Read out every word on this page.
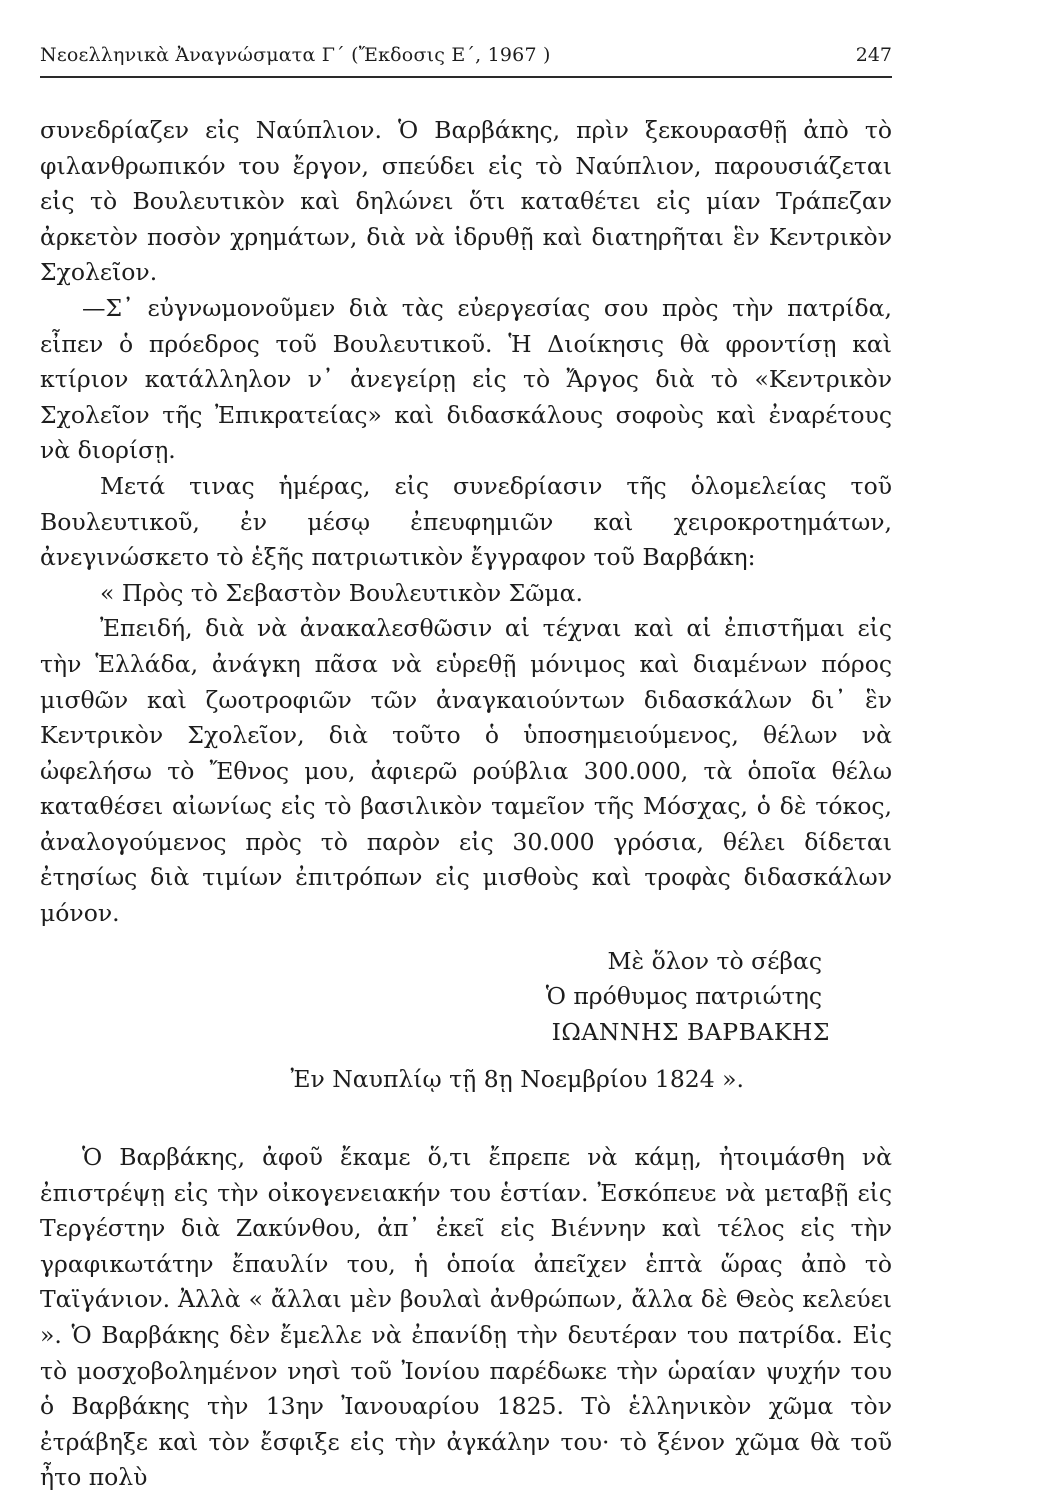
Νεοελληνικὰ Ἀναγνώσματα Γ΄ (Ἔκδοσις Ε΄, 1967 )	247

συνεδρίαζεν εἰς Ναύπλιον. Ὁ Βαρβάκης, πρὶν ξεκουρασθῇ ἀπὸ τὸ φιλανθρωπικόν του ἔργον, σπεύδει εἰς τὸ Ναύπλιον, παρουσιάζεται εἰς τὸ Βουλευτικὸν καὶ δηλώνει ὅτι καταθέτει εἰς μίαν Τράπεζαν ἀρκετὸν ποσὸν χρημάτων, διὰ νὰ ἱδρυθῇ καὶ διατηρῆται ἓν Κεντρικὸν Σχολεῖον.

—Σ᾿ εὐγνωμονοῦμεν διὰ τὰς εὐεργεσίας σου πρὸς τὴν πατρίδα, εἶπεν ὁ πρόεδρος τοῦ Βουλευτικοῦ. Ἡ Διοίκησις θὰ φροντίσῃ καὶ κτίριον κατάλληλον ν᾿ ἀνεγείρῃ εἰς τὸ Ἄργος διὰ τὸ «Κεντρικὸν Σχολεῖον τῆς Ἐπικρατείας» καὶ διδασκάλους σοφοὺς καὶ ἐναρέτους νὰ διορίσῃ.

Μετά τινας ἡμέρας, εἰς συνεδρίασιν τῆς ὁλομελείας τοῦ Βουλευτικοῦ, ἐν μέσῳ ἐπευφημιῶν καὶ χειροκροτημάτων, ἀνεγινώσκετο τὸ ἑξῆς πατριωτικὸν ἔγγραφον τοῦ Βαρβάκη:

« Πρὸς τὸ Σεβαστὸν Βουλευτικὸν Σῶμα.

Ἐπειδή, διὰ νὰ ἀνακαλεσθῶσιν αἱ τέχναι καὶ αἱ ἐπιστῆμαι εἰς τὴν Ἑλλάδα, ἀνάγκη πᾶσα νὰ εὑρεθῇ μόνιμος καὶ διαμένων πόρος μισθῶν καὶ ζωοτροφιῶν τῶν ἀναγκαιούντων διδασκάλων δι᾿ ἓν Κεντρικὸν Σχολεῖον, διὰ τοῦτο ὁ ὑποσημειούμενος, θέλων νὰ ὠφελήσω τὸ Ἔθνος μου, ἀφιερῶ ρούβλια 300.000, τὰ ὁποῖα θέλω καταθέσει αἰωνίως εἰς τὸ βασιλικὸν ταμεῖον τῆς Μόσχας, ὁ δὲ τόκος, ἀναλογούμενος πρὸς τὸ παρὸν εἰς 30.000 γρόσια, θέλει δίδεται ἐτησίως διὰ τιμίων ἐπιτρόπων εἰς μισθοὺς καὶ τροφὰς διδασκάλων μόνον.

Μὲ ὅλον τὸ σέβας

Ὁ πρόθυμος πατριώτης

ΙΩΑΝΝΗΣ ΒΑΡΒΑΚΗΣ

Ἐν Ναυπλίῳ τῇ 8ῃ Νοεμβρίου 1824 ».

Ὁ Βαρβάκης, ἀφοῦ ἔκαμε ὅ,τι ἔπρεπε νὰ κάμῃ, ἠτοιμάσθη νὰ ἐπιστρέψῃ εἰς τὴν οἰκογενειακήν του ἑστίαν. Ἐσκόπευε νὰ μεταβῇ εἰς Τεργέστην διὰ Ζακύνθου, ἀπ᾿ ἐκεῖ εἰς Βιέννην καὶ τέλος εἰς τὴν γραφικωτάτην ἔπαυλίν του, ἡ ὁποία ἀπεῖχεν ἑπτὰ ὥρας ἀπὸ τὸ Ταϊγάνιον. Ἀλλὰ « ἄλλαι μὲν βουλαὶ ἀνθρώπων, ἄλλα δὲ Θεὸς κελεύει ». Ὁ Βαρβάκης δὲν ἔμελλε νὰ ἐπανίδῃ τὴν δευτέραν του πατρίδα. Εἰς τὸ μοσχοβολημένον νησὶ τοῦ Ἰονίου παρέδωκε τὴν ὡραίαν ψυχήν του ὁ Βαρβάκης τὴν 13ην Ἰανουαρίου 1825. Τὸ ἑλληνικὸν χῶμα τὸν ἐτράβηξε καὶ τὸν ἔσφιξε εἰς τὴν ἀγκάλην του· τὸ ξένον χῶμα θὰ τοῦ ἦτο πολὺ
